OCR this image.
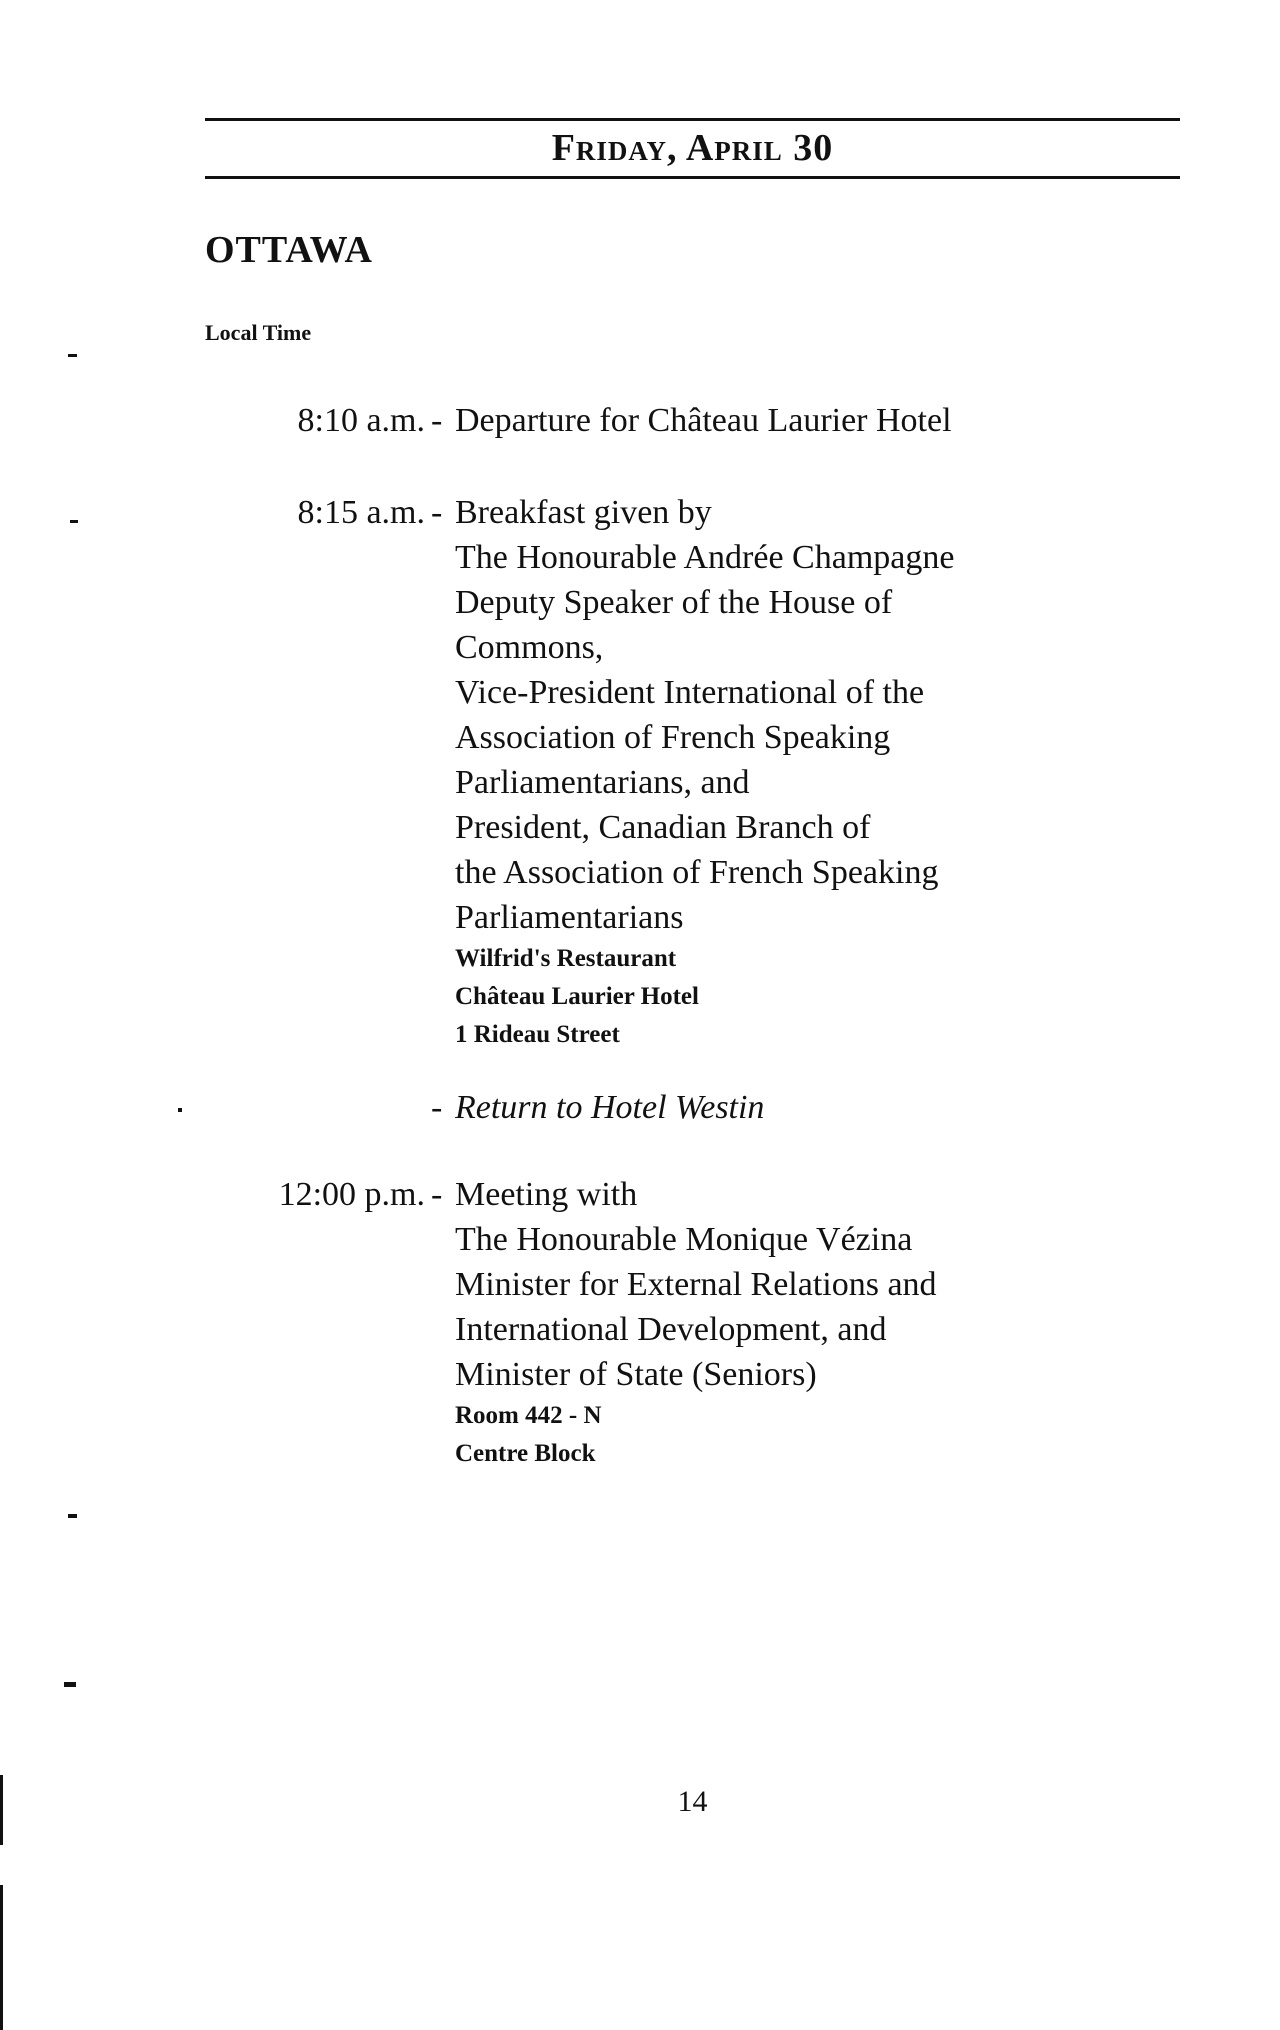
Friday, April 30
OTTAWA
Local Time
8:10 a.m. - Departure for Château Laurier Hotel
8:15 a.m. - Breakfast given by
The Honourable Andrée Champagne
Deputy Speaker of the House of
Commons,
Vice-President International of the
Association of French Speaking
Parliamentarians, and
President, Canadian Branch of
the Association of French Speaking
Parliamentarians
Wilfrid's Restaurant
Château Laurier Hotel
1 Rideau Street
- Return to Hotel Westin
12:00 p.m. - Meeting with
The Honourable Monique Vézina
Minister for External Relations and
International Development, and
Minister of State (Seniors)
Room 442 - N
Centre Block
14
